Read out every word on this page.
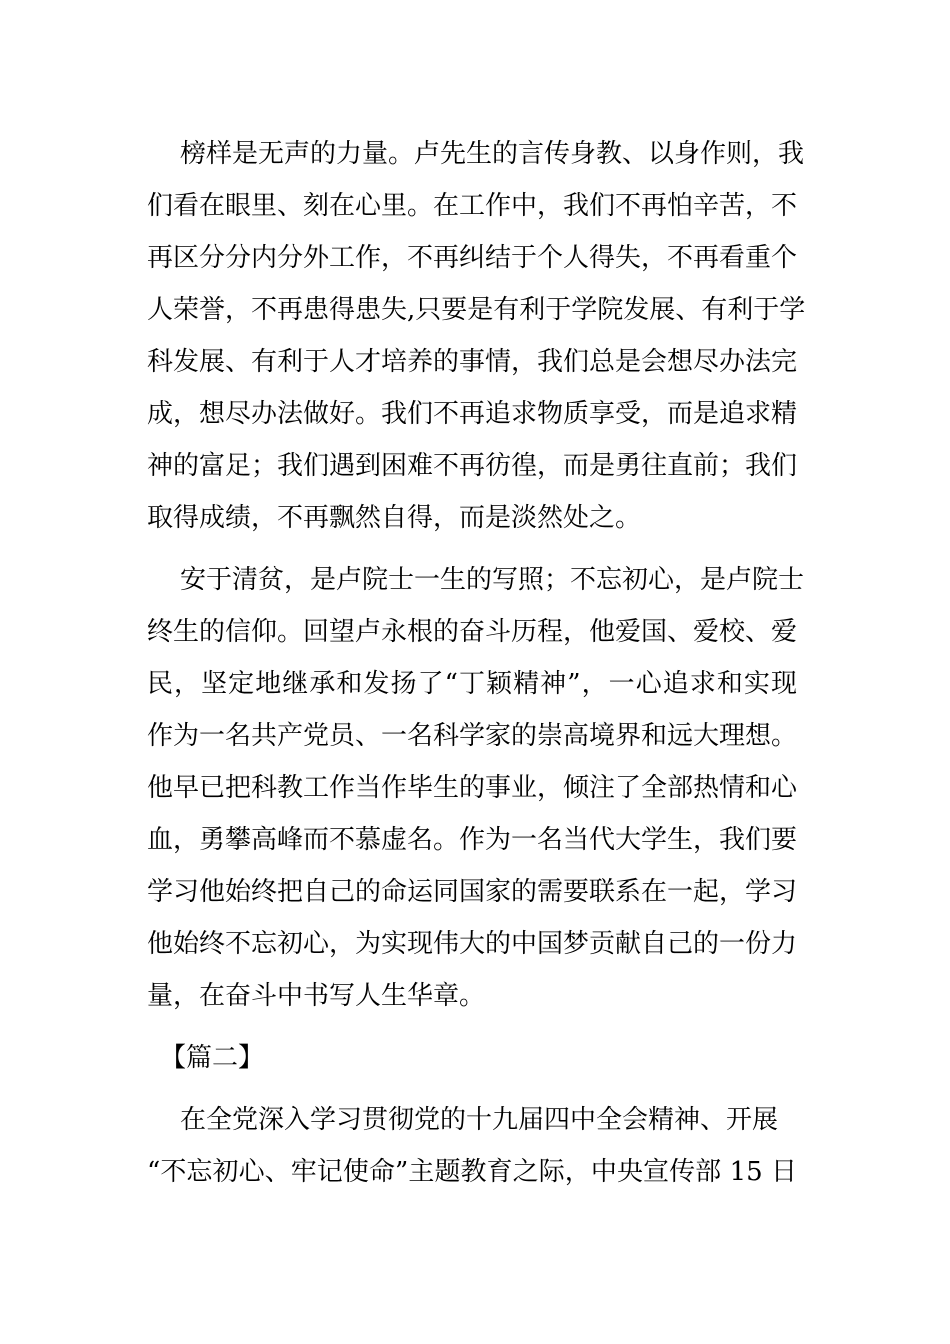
榜样是无声的力量。卢先生的言传身教、以身作则，我
们看在眼里、刻在心里。在工作中，我们不再怕辛苦，不
再区分分内分外工作，不再纠结于个人得失，不再看重个
人荣誉，不再患得患失,只要是有利于学院发展、有利于学
科发展、有利于人才培养的事情，我们总是会想尽办法完
成，想尽办法做好。我们不再追求物质享受，而是追求精
神的富足；我们遇到困难不再彷徨，而是勇往直前；我们
取得成绩，不再飘然自得，而是淡然处之。
安于清贫，是卢院士一生的写照；不忘初心，是卢院士
终生的信仰。回望卢永根的奋斗历程，他爱国、爱校、爱
民，坚定地继承和发扬了“丁颖精神”，一心追求和实现
作为一名共产党员、一名科学家的崇高境界和远大理想。
他早已把科教工作当作毕生的事业，倾注了全部热情和心
血，勇攀高峰而不慕虚名。作为一名当代大学生，我们要
学习他始终把自己的命运同国家的需要联系在一起，学习
他始终不忘初心，为实现伟大的中国梦贡献自己的一份力
量，在奋斗中书写人生华章。
【篇二】
在全党深入学习贯彻党的十九届四中全会精神、开展
“不忘初心、牢记使命”主题教育之际，中央宣传部 15 日
